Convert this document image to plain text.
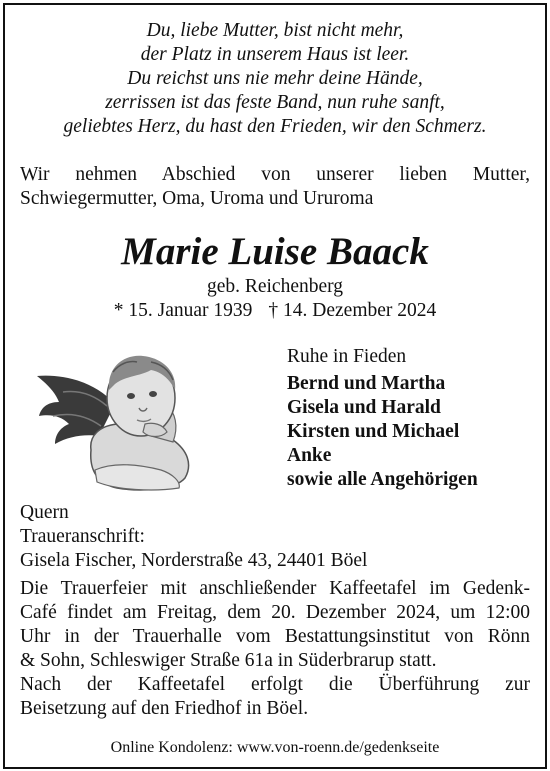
Du, liebe Mutter, bist nicht mehr,
der Platz in unserem Haus ist leer.
Du reichst uns nie mehr deine Hände,
zerrissen ist das feste Band, nun ruhe sanft,
geliebtes Herz, du hast den Frieden, wir den Schmerz.
Wir nehmen Abschied von unserer lieben Mutter,
Schwiegermutter, Oma, Uroma und Ururoma
Marie Luise Baack
geb. Reichenberg
* 15. Januar 1939 † 14. Dezember 2024
Ruhe in Fieden
Bernd und Martha
Gisela und Harald
Kirsten und Michael
Anke
sowie alle Angehörigen
Quern
Traueranschrift:
Gisela Fischer, Norderstraße 43, 24401 Böel
Die Trauerfeier mit anschließender Kaffeetafel im Gedenk-
Café findet am Freitag, dem 20. Dezember 2024, um 12:00
Uhr in der Trauerhalle vom Bestattungsinstitut von Rönn
& Sohn, Schleswiger Straße 61a in Süderbrarup statt.
Nach der Kaffeetafel erfolgt die Überführung zur
Beisetzung auf den Friedhof in Böel.
Online Kondolenz: www.von-roenn.de/gedenkseite
